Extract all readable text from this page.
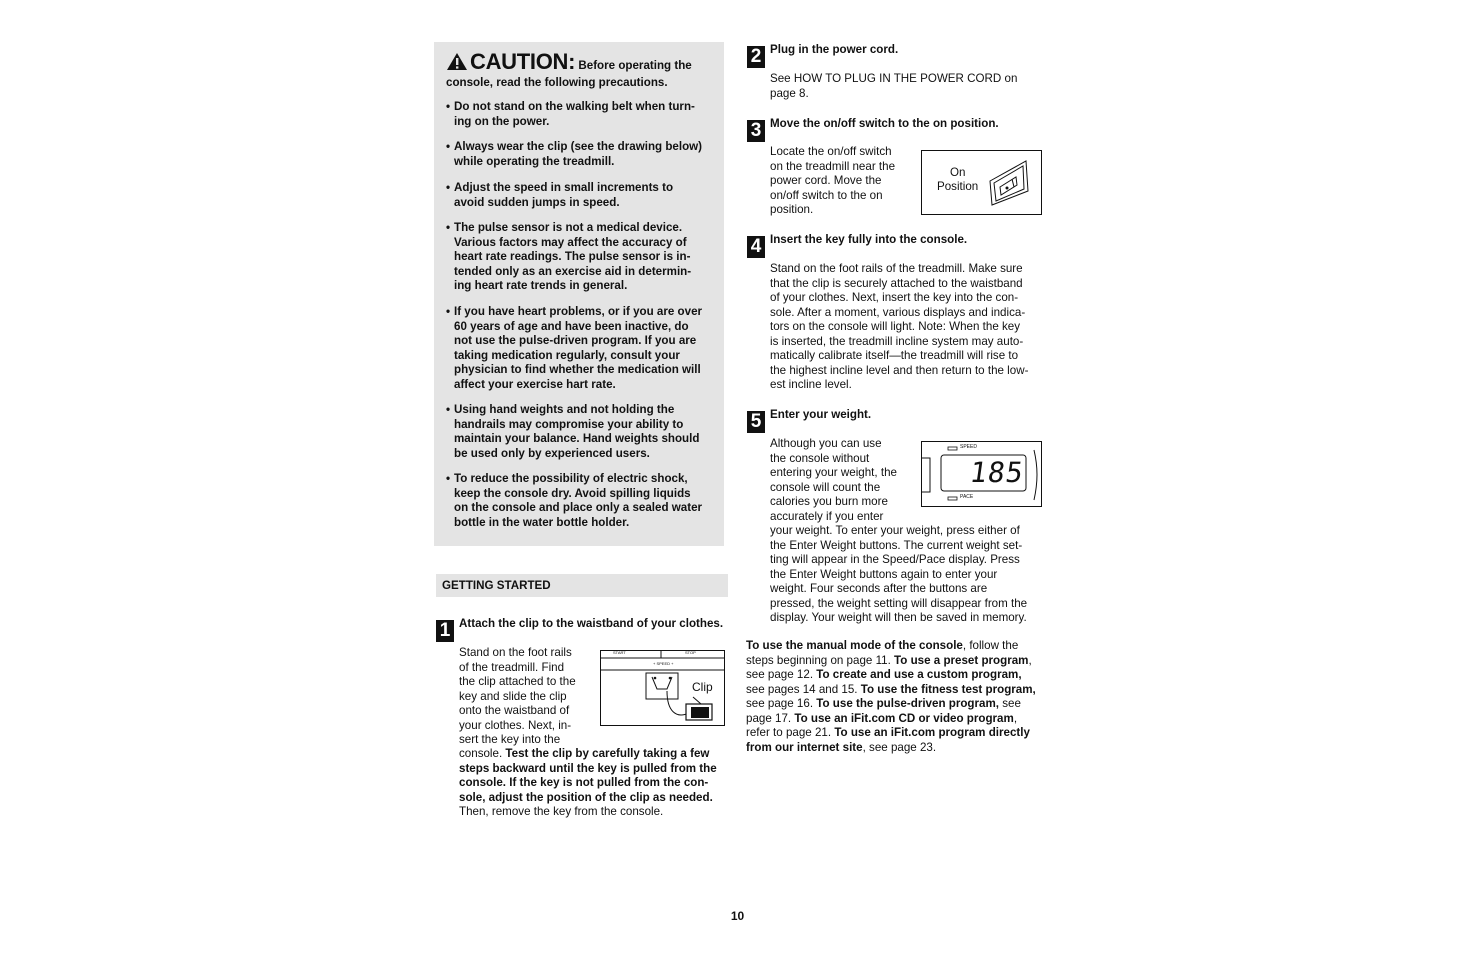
CAUTION: Before operating the
console, read the following precautions.
• Do not stand on the walking belt when turn-
ing on the power.
• Always wear the clip (see the drawing below)
while operating the treadmill.
• Adjust the speed in small increments to
avoid sudden jumps in speed.
• The pulse sensor is not a medical device.
Various factors may affect the accuracy of
heart rate readings. The pulse sensor is in-
tended only as an exercise aid in determin-
ing heart rate trends in general.
• If you have heart problems, or if you are over
60 years of age and have been inactive, do
not use the pulse-driven program. If you are
taking medication regularly, consult your
physician to find whether the medication will
affect your exercise hart rate.
• Using hand weights and not holding the
handrails may compromise your ability to
maintain your balance. Hand weights should
be used only by experienced users.
• To reduce the possibility of electric shock,
keep the console dry. Avoid spilling liquids
on the console and place only a sealed water
bottle in the water bottle holder.
GETTING STARTED
1 Attach the clip to the waistband of your clothes.
Stand on the foot rails
of the treadmill. Find
the clip attached to the
key and slide the clip
onto the waistband of
your clothes. Next, in-
sert the key into the
console. Test the clip by carefully taking a few
steps backward until the key is pulled from the
console. If the key is not pulled from the con-
sole, adjust the position of the clip as needed.
Then, remove the key from the console.
START	STOP
+ SPEED +
Clip
2 Plug in the power cord.
See HOW TO PLUG IN THE POWER CORD on
page 8.
3 Move the on/off switch to the on position.
Locate the on/off switch
on the treadmill near the
power cord. Move the
on/off switch to the on
position.
On
Position
4 Insert the key fully into the console.
Stand on the foot rails of the treadmill. Make sure
that the clip is securely attached to the waistband
of your clothes. Next, insert the key into the con-
sole. After a moment, various displays and indica-
tors on the console will light. Note: When the key
is inserted, the treadmill incline system may auto-
matically calibrate itself—the treadmill will rise to
the highest incline level and then return to the low-
est incline level.
5 Enter your weight.
Although you can use
the console without
entering your weight, the
console will count the
calories you burn more
accurately if you enter
your weight. To enter your weight, press either of
the Enter Weight buttons. The current weight set-
ting will appear in the Speed/Pace display. Press
the Enter Weight buttons again to enter your
weight. Four seconds after the buttons are
pressed, the weight setting will disappear from the
display. Your weight will then be saved in memory.
SPEED
PACE
185
To use the manual mode of the console, follow the
steps beginning on page 11. To use a preset program,
see page 12. To create and use a custom program,
see pages 14 and 15. To use the fitness test program,
see page 16. To use the pulse-driven program, see
page 17. To use an iFit.com CD or video program,
refer to page 21. To use an iFit.com program directly
from our internet site, see page 23.
10
